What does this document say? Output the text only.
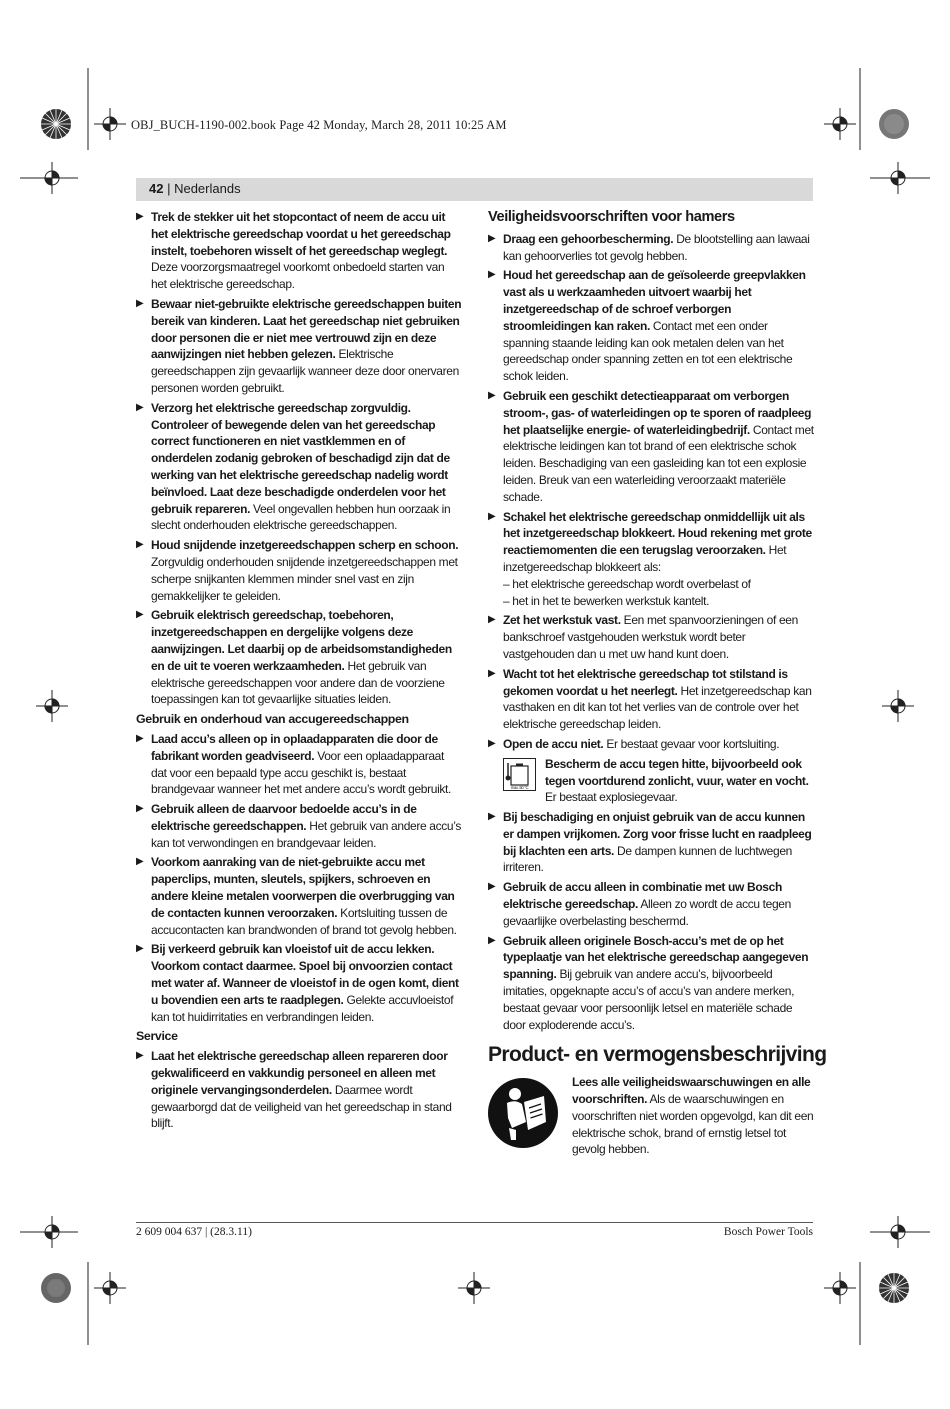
OBJ_BUCH-1190-002.book Page 42 Monday, March 28, 2011 10:25 AM
42 | Nederlands
▶ Trek de stekker uit het stopcontact of neem de accu uit het elektrische gereedschap voordat u het gereedschap instelt, toebehoren wisselt of het gereedschap weglegt. Deze voorzorgsmaatregel voorkomt onbedoeld starten van het elektrische gereedschap.
▶ Bewaar niet-gebruikte elektrische gereedschappen buiten bereik van kinderen. Laat het gereedschap niet gebruiken door personen die er niet mee vertrouwd zijn en deze aanwijzingen niet hebben gelezen. Elektrische gereedschappen zijn gevaarlijk wanneer deze door onervaren personen worden gebruikt.
▶ Verzorg het elektrische gereedschap zorgvuldig. Controleer of bewegende delen van het gereedschap correct functioneren en niet vastklemmen en of onderdelen zodanig gebroken of beschadigd zijn dat de werking van het elektrische gereedschap nadelig wordt beïnvloed. Laat deze beschadigde onderdelen voor het gebruik repareren. Veel ongevallen hebben hun oorzaak in slecht onderhouden elektrische gereedschappen.
▶ Houd snijdende inzetgereedschappen scherp en schoon. Zorgvuldig onderhouden snijdende inzetgereedschappen met scherpe snijkanten klemmen minder snel vast en zijn gemakkelijker te geleiden.
▶ Gebruik elektrisch gereedschap, toebehoren, inzetgereedschappen en dergelijke volgens deze aanwijzingen. Let daarbij op de arbeidsomstandigheden en de uit te voeren werkzaamheden. Het gebruik van elektrische gereedschappen voor andere dan de voorziene toepassingen kan tot gevaarlijke situaties leiden.
Gebruik en onderhoud van accugereedschappen
▶ Laad accu’s alleen op in oplaadapparaten die door de fabrikant worden geadviseerd. Voor een oplaadapparaat dat voor een bepaald type accu geschikt is, bestaat brandgevaar wanneer het met andere accu’s wordt gebruikt.
▶ Gebruik alleen de daarvoor bedoelde accu’s in de elektrische gereedschappen. Het gebruik van andere accu’s kan tot verwondingen en brandgevaar leiden.
▶ Voorkom aanraking van de niet-gebruikte accu met paperclips, munten, sleutels, spijkers, schroeven en andere kleine metalen voorwerpen die overbrugging van de contacten kunnen veroorzaken. Kortsluiting tussen de accucontacten kan brandwonden of brand tot gevolg hebben.
▶ Bij verkeerd gebruik kan vloeistof uit de accu lekken. Voorkom contact daarmee. Spoel bij onvoorzien contact met water af. Wanneer de vloeistof in de ogen komt, dient u bovendien een arts te raadplegen. Gelekte accuvloeistof kan tot huidirritaties en verbrandingen leiden.
Service
▶ Laat het elektrische gereedschap alleen repareren door gekwalificeerd en vakkundig personeel en alleen met originele vervangingsonderdelen. Daarmee wordt gewaarborgd dat de veiligheid van het gereedschap in stand blijft.
Veiligheidsvoorschriften voor hamers
▶ Draag een gehoorbescherming. De blootstelling aan lawaai kan gehoorverlies tot gevolg hebben.
▶ Houd het gereedschap aan de geïsoleerde greepvlakken vast als u werkzaamheden uitvoert waarbij het inzetgereedschap of de schroef verborgen stroomleidingen kan raken. Contact met een onder spanning staande leiding kan ook metalen delen van het gereedschap onder spanning zetten en tot een elektrische schok leiden.
▶ Gebruik een geschikt detectieapparaat om verborgen stroom-, gas- of waterleidingen op te sporen of raadpleeg het plaatselijke energie- of waterleidingbedrijf. Contact met elektrische leidingen kan tot brand of een elektrische schok leiden. Beschadiging van een gasleiding kan tot een explosie leiden. Breuk van een waterleiding veroorzaakt materiële schade.
▶ Schakel het elektrische gereedschap onmiddellijk uit als het inzetgereedschap blokkeert. Houd rekening met grote reactiemomenten die een terugslag veroorzaken. Het inzetgereedschap blokkeert als:
– het elektrische gereedschap wordt overbelast of
– het in het te bewerken werkstuk kantelt.
▶ Zet het werkstuk vast. Een met spanvoorzieningen of een bankschroef vastgehouden werkstuk wordt beter vastgehouden dan u met uw hand kunt doen.
▶ Wacht tot het elektrische gereedschap tot stilstand is gekomen voordat u het neerlegt. Het inzetgereedschap kan vasthaken en dit kan tot het verlies van de controle over het elektrische gereedschap leiden.
▶ Open de accu niet. Er bestaat gevaar voor kortsluiting.
max. 50 °C
Bescherm de accu tegen hitte, bijvoorbeeld ook tegen voortdurend zonlicht, vuur, water en vocht. Er bestaat explosiegevaar.
▶ Bij beschadiging en onjuist gebruik van de accu kunnen er dampen vrijkomen. Zorg voor frisse lucht en raadpleeg bij klachten een arts. De dampen kunnen de luchtwegen irriteren.
▶ Gebruik de accu alleen in combinatie met uw Bosch elektrische gereedschap. Alleen zo wordt de accu tegen gevaarlijke overbelasting beschermd.
▶ Gebruik alleen originele Bosch-accu’s met de op het typeplaatje van het elektrische gereedschap aangegeven spanning. Bij gebruik van andere accu’s, bijvoorbeeld imitaties, opgeknapte accu’s of accu’s van andere merken, bestaat gevaar voor persoonlijk letsel en materiële schade door exploderende accu’s.
Product- en vermogensbeschrijving
Lees alle veiligheidswaarschuwingen en alle voorschriften. Als de waarschuwingen en voorschriften niet worden opgevolgd, kan dit een elektrische schok, brand of ernstig letsel tot gevolg hebben.
2 609 004 637 | (28.3.11)	Bosch Power Tools
